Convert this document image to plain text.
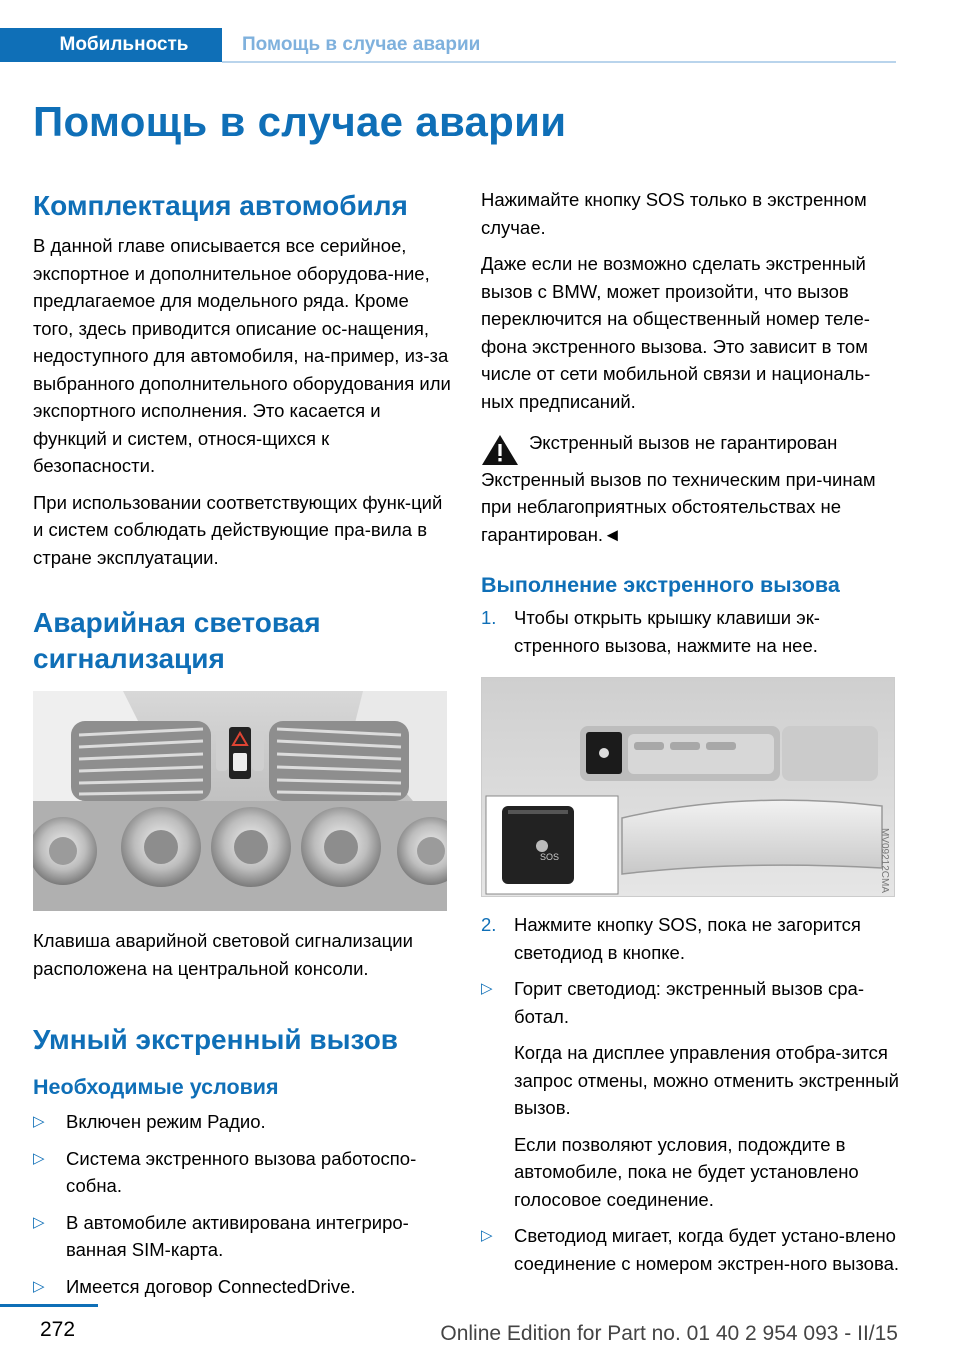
Мобильность	Помощь в случае аварии
Помощь в случае аварии
Комплектация автомобиля

В данной главе описывается все серийное, экспортное и дополнительное оборудова‐ние, предлагаемое для модельного ряда. Кроме того, здесь приводится описание ос‐нащения, недоступного для автомобиля, на‐пример, из-за выбранного дополнительного оборудования или экспортного исполнения. Это касается и функций и систем, относя‐щихся к безопасности.

При использовании соответствующих функ‐ций и систем соблюдать действующие пра‐вила в стране эксплуатации.

Аварийная световая сигнализация

Клавиша аварийной световой сигнализации расположена на центральной консоли.

Умный экстренный вызов
Необходимые условия
▷ Включен режим Радио.
▷ Система экстренного вызова работоспо‐собна.
▷ В автомобиле активирована интегриро‐ванная SIM-карта.
▷ Имеется договор ConnectedDrive.

Нажимайте кнопку SOS только в экстренном случае.

Даже если не возможно сделать экстренный вызов с BMW, может произойти, что вызов переключится на общественный номер теле‐фона экстренного вызова. Это зависит в том числе от сети мобильной связи и националь‐ных предписаний.

Экстренный вызов не гарантирован

Экстренный вызов по техническим при‐чинам при неблагоприятных обстоятельствах не гарантирован.◄

Выполнение экстренного вызова
1. Чтобы открыть крышку клавиши эк‐стренного вызова, нажмите на нее.
SOS	MV09212CMA
2. Нажмите кнопку SOS, пока не загорится светодиод в кнопке.
▷ Горит светодиод: экстренный вызов сра‐ботал.

Когда на дисплее управления отобра‐зится запрос отмены, можно отменить экстренный вызов.

Если позволяют условия, подождите в автомобиле, пока не будет установлено голосовое соединение.

▷ Светодиод мигает, когда будет устано‐влено соединение с номером экстрен‐ного вызова.
272	Online Edition for Part no. 01 40 2 954 093 - II/15
